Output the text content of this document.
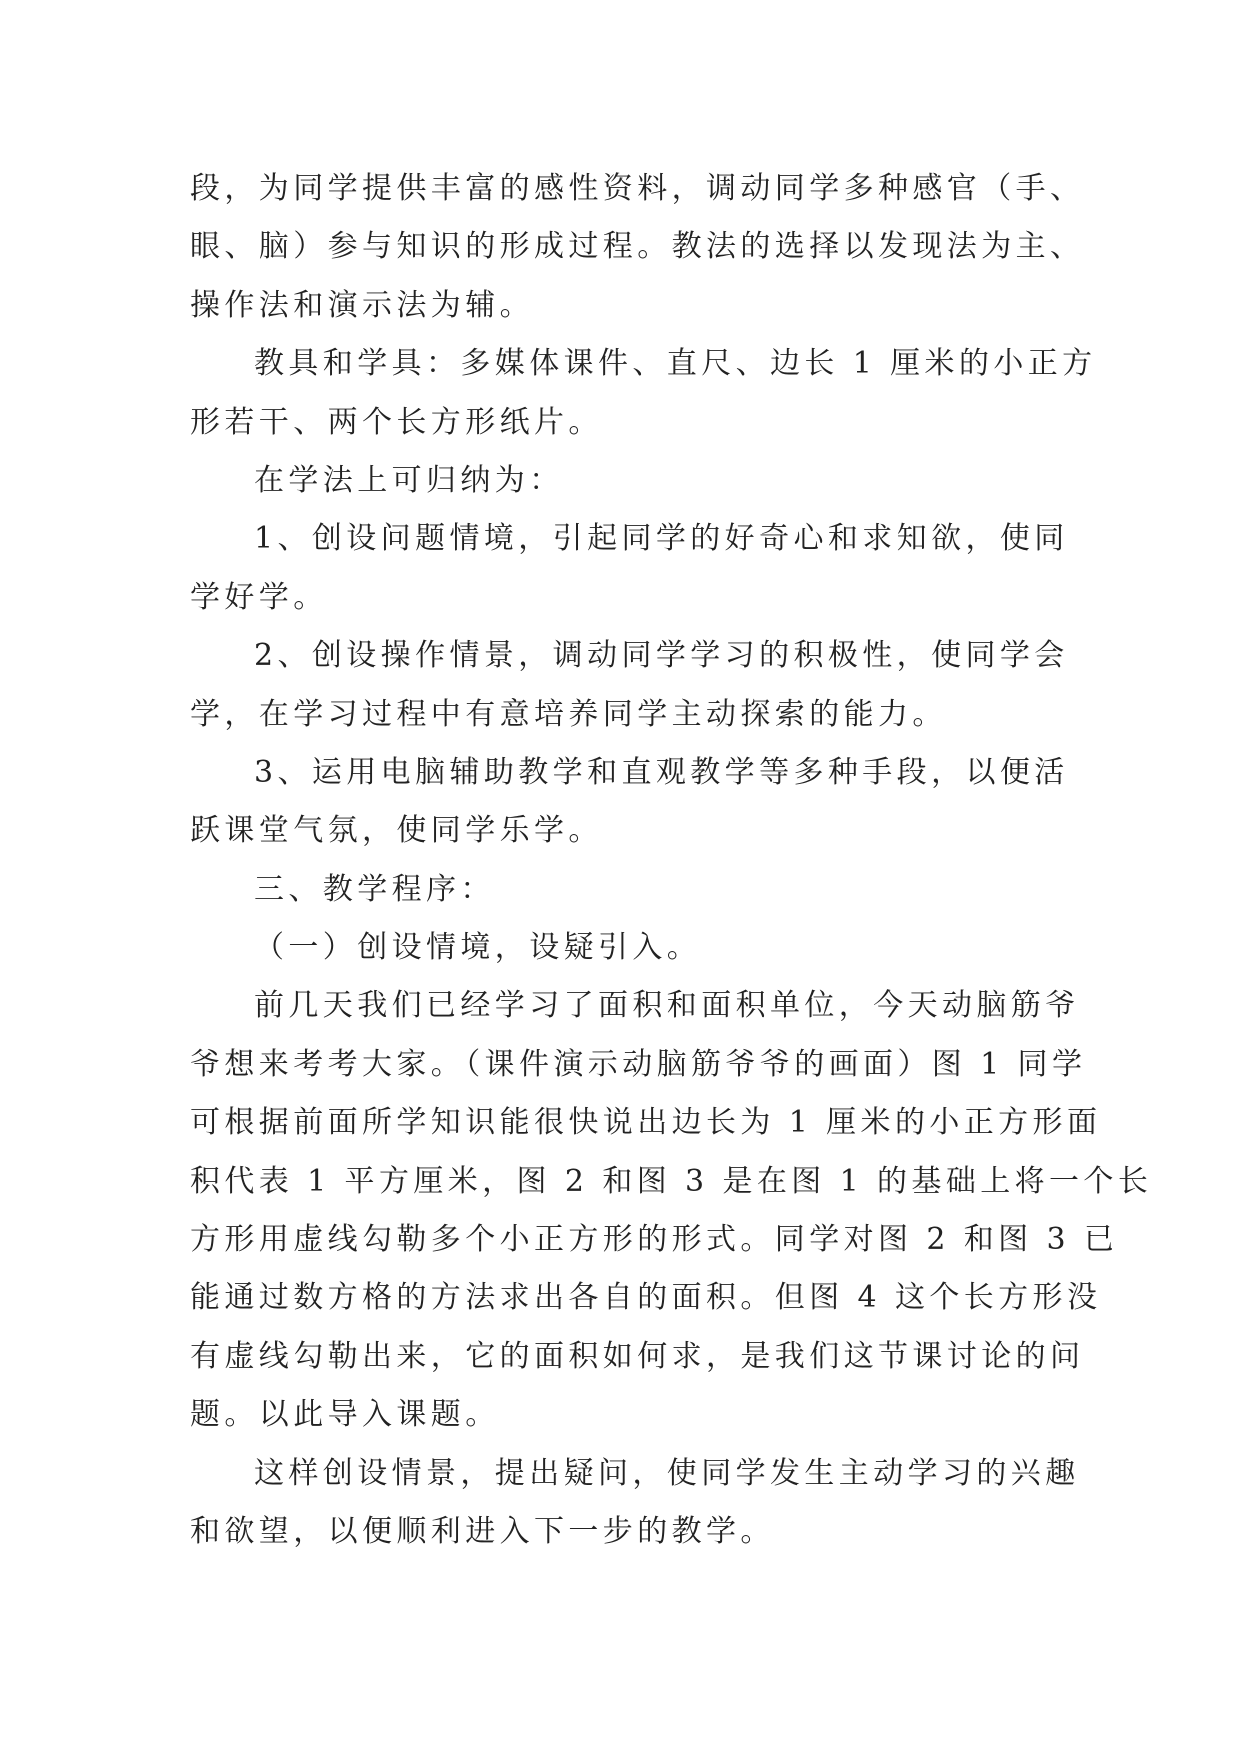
段，为同学提供丰富的感性资料，调动同学多种感官（手、
眼、脑）参与知识的形成过程。教法的选择以发现法为主、
操作法和演示法为辅。
教具和学具：多媒体课件、直尺、边长 1 厘米的小正方
形若干、两个长方形纸片。
在学法上可归纳为：
1、创设问题情境，引起同学的好奇心和求知欲，使同
学好学。
2、创设操作情景，调动同学学习的积极性，使同学会
学，在学习过程中有意培养同学主动探索的能力。
3、运用电脑辅助教学和直观教学等多种手段，以便活
跃课堂气氛，使同学乐学。
三、教学程序：
（一）创设情境，设疑引入。
前几天我们已经学习了面积和面积单位，今天动脑筋爷
爷想来考考大家。（课件演示动脑筋爷爷的画面）图 1 同学
可根据前面所学知识能很快说出边长为 1 厘米的小正方形面
积代表 1 平方厘米，图 2 和图 3 是在图 1 的基础上将一个长
方形用虚线勾勒多个小正方形的形式。同学对图 2 和图 3 已
能通过数方格的方法求出各自的面积。但图 4 这个长方形没
有虚线勾勒出来，它的面积如何求，是我们这节课讨论的问
题。以此导入课题。
这样创设情景，提出疑问，使同学发生主动学习的兴趣
和欲望，以便顺利进入下一步的教学。
